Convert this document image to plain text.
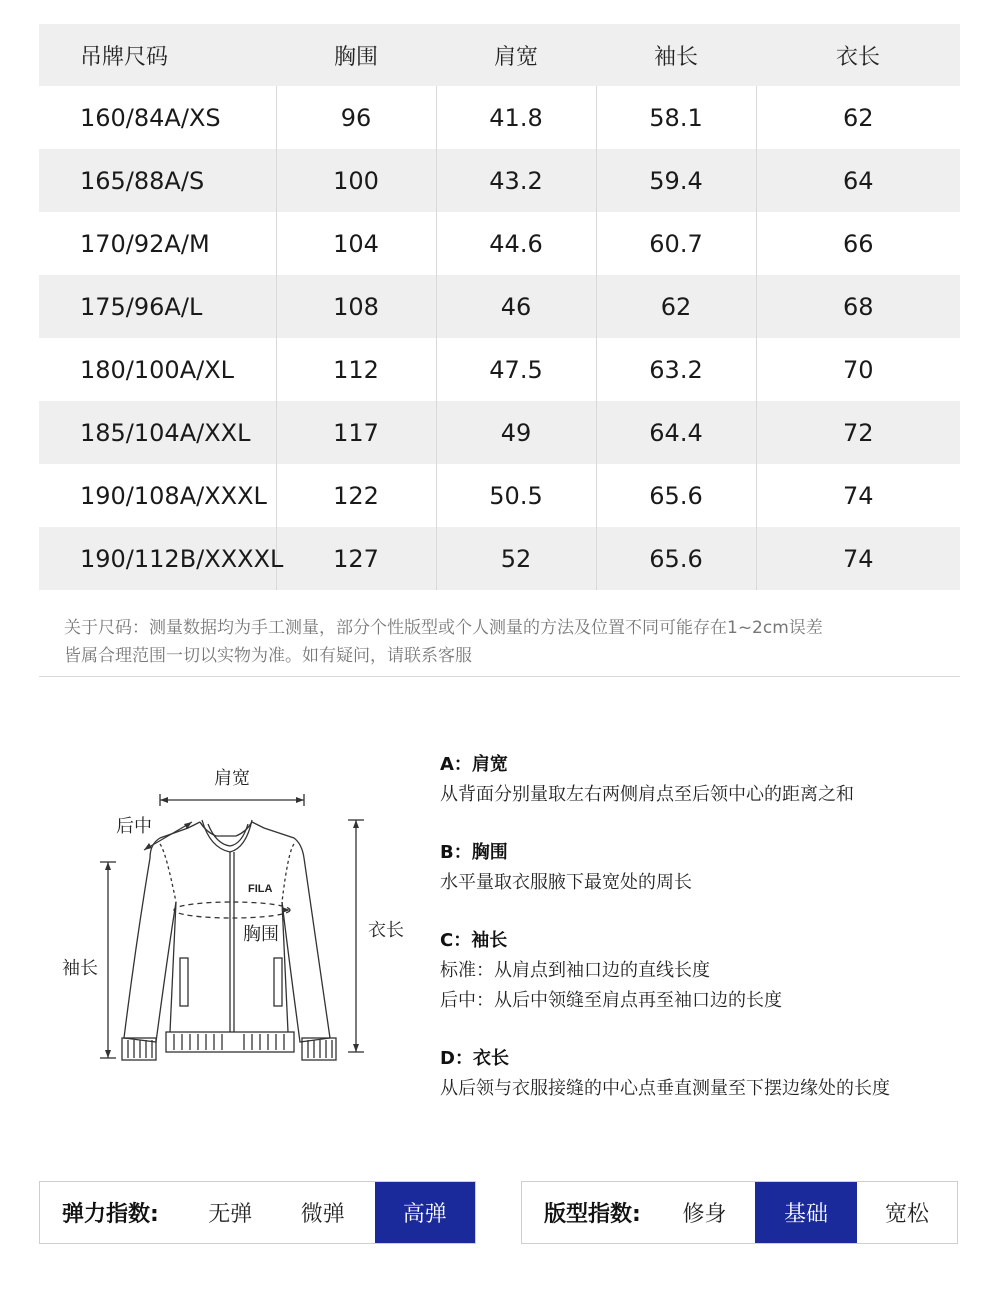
吊牌尺码	胸围	肩宽	袖长	衣长
160/84A/XS	96	41.8	58.1	62
165/88A/S	100	43.2	59.4	64
170/92A/M	104	44.6	60.7	66
175/96A/L	108	46	62	68
180/100A/XL	112	47.5	63.2	70
185/104A/XXL	117	49	64.4	72
190/108A/XXXL	122	50.5	65.6	74
190/112B/XXXXL	127	52	65.6	74
关于尺码：测量数据均为手工测量，部分个性版型或个人测量的方法及位置不同可能存在1~2cm误差
皆属合理范围一切以实物为准。如有疑问，请联系客服
FILA
肩宽
后中
胸围
袖长
衣长
A：肩宽
从背面分别量取左右两侧肩点至后领中心的距离之和
B：胸围
水平量取衣服腋下最宽处的周长
C：袖长
标准：从肩点到袖口边的直线长度
后中：从后中领缝至肩点再至袖口边的长度
D：衣长
从后领与衣服接缝的中心点垂直测量至下摆边缘处的长度
弹力指数:	无弹	微弹	高弹	版型指数:	修身	基础	宽松
